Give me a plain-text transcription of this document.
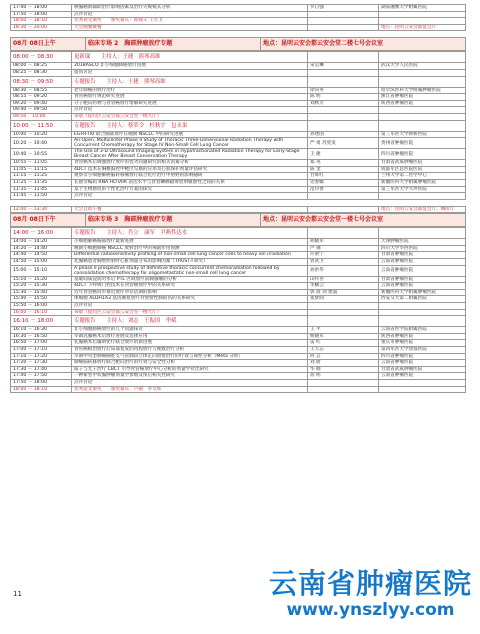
17:40 － 18:00	胰腺癌新辅助治疗影响因素及治疗失败模式分析	罗自强	湖南湘雅大学附属医院
17:50 － 18:00	点评讨论		
18:00 － 18:10	优秀论文颁奖　　颁奖嘉宾：郎锦义 王雪卫		
18:30 － 20:00	大会晚餐聚餐		地点：昆明云安会都宴会厅
08月 08日上午	临床专场 2　胸部肿瘤放疗专题	地点：昆明云安会都云安会堂二楼七号会议室
08:00 － 08:30	更新课　　主持人：王捷　熊琴高维		
08:00 － 08:25	2018ASCO 非小细胞肺癌放疗进展	宋启琳	武汉大学人民医院
08:25 － 08:30	提问讨论		
08:30 － 09:50	专题报告　　主持人：王捷　熊琴高维		
08:30 － 08:55	老年肺癌的放疗治疗	徐向英	哈尔滨医科大学附属肿瘤医院
08:55 － 09:20	食管癌放疗规范研究进展	陈 明	浙江省肿瘤医院
09:20 － 09:40	分子靶向药物与食管癌放疗增敏研究进展	刘秋芳	陕西省肿瘤医院
09:40 － 09:50	点评讨论		
09:50　 10:00	茶歇（提问区云安会都云安会堂一楼大厅）		
10:00 － 11:50	专题报告　　主持人：蔡荣令　杜秋宇　包永果		
10:00 － 10:20	EGFR-TKI 联合胸部放疗在晚期 NSCLC 中的研究进展	孙建国	第三军医大学新桥医院
10:20 － 10:40	An Open, Multicenter Phase II Study of Thoracic Three-Dimensional Radiation Therapy with Concurrent Chemotherapy for Stage IV Non-Small Cell Lung Cancer	严 勇 苏宪发	贵州省肿瘤医院
10:40 － 10:55	The Use of 3-D Ultrasound Imaging System in Hypofractionated Radiation Therapy for Early-Stage Breast Cancer After Breast Conservation Therapy	王 捷	四川省肿瘤医院
10:55 － 11:05	食管癌术后调强放疗放疗的优劣问题研究的相关因素分析	郑 英	甘肃省武威肿瘤医院
11:05 － 11:15	4DCT 技术在胸椎鼓控中靶区勾画的应用及心肌保护剂量评估研究	陈 金	成都军区总医院医院
11:15 － 11:25	观察非小细胞肺癌脑转移瘤放疗联合化疗治疗中射野的影响随研	甘辉红	兰州大学第二医学中心
11:25 － 11:35	长链非编码 RNA HOTAIR 表达水平与食管鳞癌辐射放射敏感性之间的关系	达春娥	新疆医科大学附属肿瘤医院
11:35 － 11:45	基于生物感度的个性化治疗方案的探究	范玲香	第三军医大学大坪医院
11:45 － 11:50	点评讨论		
12:00 － 13:30	大会自助午餐		地点：昆明云安会都宴会厅、咖啡厅
08月 08日下午	临床专场 3　胸部肿瘤放疗专题	地点：昆明云安会都云安会堂一楼七号会议室
14:00 － 16:00	专题报告　　主持人：肖立　康军　尹燕性达水		
14:00 － 14:20	小细胞肺癌胸部放疗最新进展	胡晓军	天津肿瘤医院
14:20 － 14:40	晚期小细胞肺癌 NSCLC 放射治疗中的毒副作用预测	卢 铀	四川大学华西医院
14:40 － 14:50	Differential radiosensitivity profiling of non-small cell lung cancer cells to heavy ion irradiation	许蕾宁	甘肃省肿瘤医院
14:50 － 15:00	乳腺癌患者胸壁照射时心脏剂量分布的影响因素（TRUST-I 研究）	曾武卫	云南省肿瘤医院
15:00 － 15:10	A phase II prospective study of definitive thoracic concurrent chemoradiation followed by consolidation chemotherapy for oligometastatic non-small cell lung cancer	孙洪华	云南省肿瘤医院
15:10 － 15:20	基础间质浸润对术后 PTL 区域放疗前胸腺瘤的分析	山传杏	甘肃省肿瘤医院
15:20 － 15:30	4DCT 下呼吸门控技术在食管癌放疗中的关系研究	李鹏云	云南省肿瘤医院
15:30 － 15:40	近年食管癌同步推迟放疗对存活期的影响	郭 晨 刘 建波	新疆医科大学附属肿瘤医院
15:40 － 15:50	体细胞 ALDH1A3 基因修复放疗对放射性肺损伤的关系研究	张梦圆	西安交大第二附属医院
15:50 － 16:00	点评讨论		
16:00 － 16:10	茶歇（提问区云安会都云安会堂一楼大厅）		
16:10 － 18:00	专题报告　　主持人：刘志　王振国　李斌		
16:10 － 16:30	非小细胞肺癌放疗的几个问题探讨	王 平	云南省医学院附属医院
16:30 － 16:50	早期乳腺癌术后放疗进展及选择应用	杨晓军	陕西省肿瘤医院
16:50 － 17:00	乳腺癌术后辅助化疗联合放疗的新进展	雷 红	重庆市肿瘤医院
17:00 － 17:10	食管癌根治放疗后局部复发的再程放疗与挽救治疗分析	王天志	第四军医大学唐都医院
17:10 － 17:20	早期中央型肺癌胸腔支气管肺段立体定向放射治疗的疗效与毒性分析（Meta 分析）	何 芸	四川省肿瘤医院
17:20 － 17:30	肺癌脑转移放疗联合靶向治疗的疗效与安全性分析	刘 蔚	云南省肿瘤医院
17:30 － 17:40	质子与光子治疗 CBCT 引导食管癌放疗中心分析的剂量学对比研究	华 刚	甘肃省武威肿瘤医院
17:40 － 17:50	一种新型甲状腺肿瘤剂量学参数及预后相关性研究	高 明	云南省肿瘤医院
17:50 － 18:00	点评讨论		
18:00 － 18:10	优秀论文颁奖　　颁奖嘉宾：卢铀　李文辉		
11	云南省肿瘤医院
www.ynszlyy.com
